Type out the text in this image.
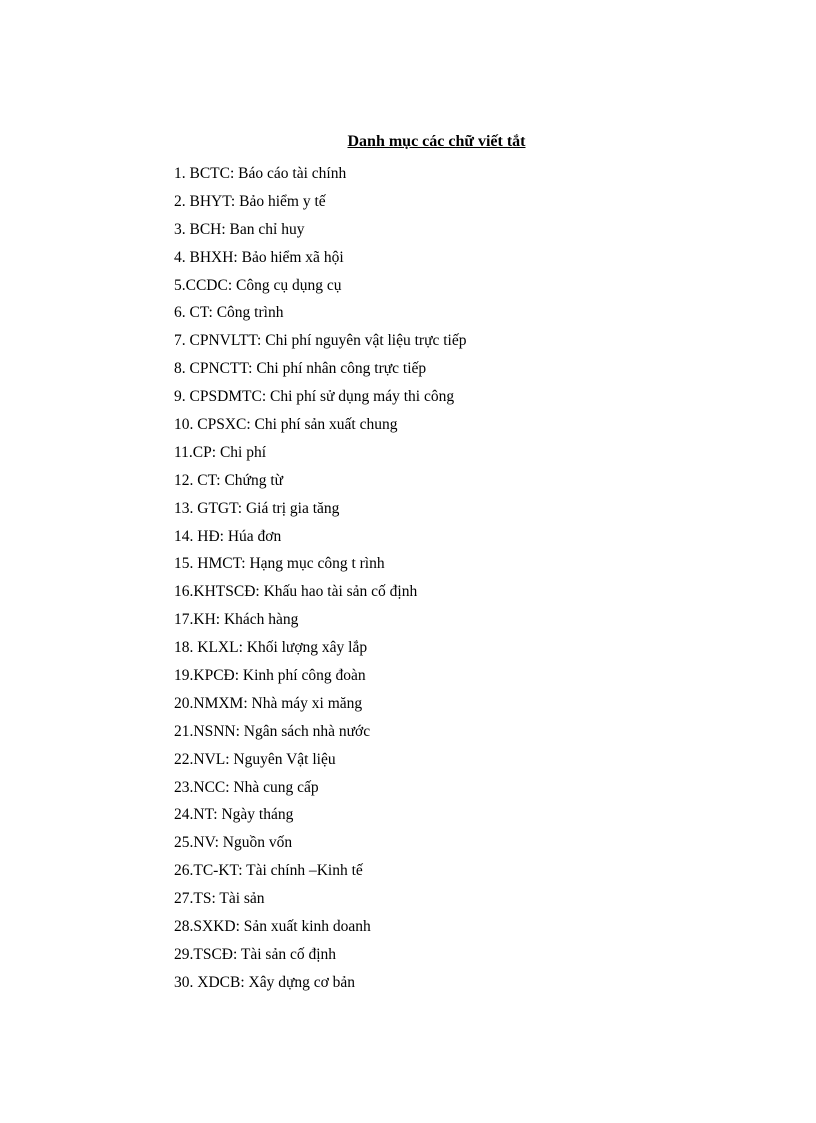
Danh mục các chữ viết tắt
1. BCTC: Báo cáo tài chính
2. BHYT: Bảo hiểm y tế
3. BCH: Ban chỉ huy
4. BHXH: Bảo hiểm xã hội
5.CCDC: Công cụ dụng cụ
6. CT: Công trình
7. CPNVLTT: Chi phí nguyên vật liệu trực tiếp
8. CPNCTT: Chi phí nhân công trực tiếp
9. CPSDMTC: Chi phí sử dụng máy thi công
10. CPSXC: Chi phí sản xuất chung
11.CP: Chi phí
12. CT: Chứng từ
13. GTGT: Giá trị gia tăng
14. HĐ: Húa đơn
15. HMCT: Hạng mục công t rình
16.KHTSCĐ: Khấu hao tài sản cố định
17.KH: Khách hàng
18. KLXL: Khối lượng xây lắp
19.KPCĐ: Kinh phí công đoàn
20.NMXM: Nhà máy xi măng
21.NSNN: Ngân sách nhà nước
22.NVL: Nguyên Vật liệu
23.NCC: Nhà cung cấp
24.NT: Ngày tháng
25.NV: Nguồn vốn
26.TC-KT: Tài chính –Kinh tế
27.TS: Tài sản
28.SXKD: Sản xuất kinh doanh
29.TSCĐ: Tài sản cố định
30. XDCB: Xây dựng cơ bản
